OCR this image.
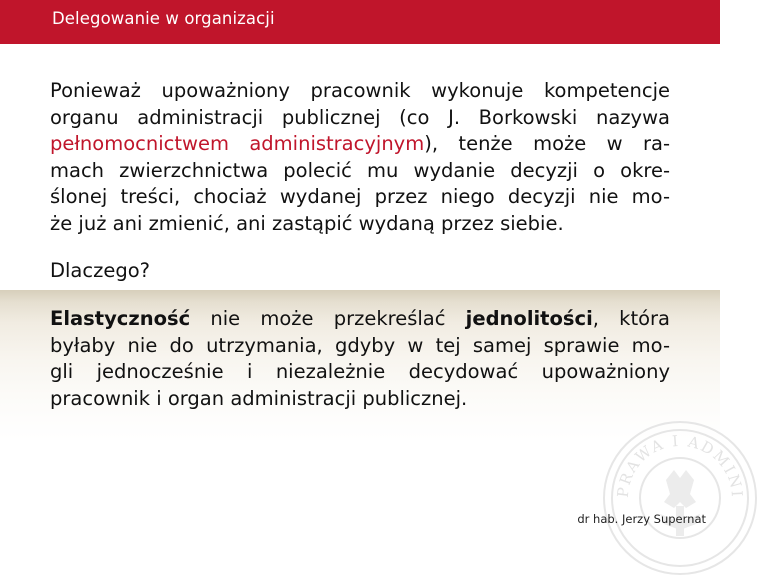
Delegowanie w organizacji
Ponieważ upoważniony pracownik wykonuje kompetencje
organu administracji publicznej (co J. Borkowski nazywa
pełnomocnictwem administracyjnym), tenże może w ra-
mach zwierzchnictwa polecić mu wydanie decyzji o okre-
ślonej treści, chociaż wydanej przez niego decyzji nie mo-
że już ani zmienić, ani zastąpić wydaną przez siebie.
Dlaczego?
Elastyczność nie może przekreślać jednolitości, która
byłaby nie do utrzymania, gdyby w tej samej sprawie mo-
gli jednocześnie i niezależnie decydować upoważniony
pracownik i organ administracji publicznej.
PRAWA I ADMINI
dr hab. Jerzy Supernat
